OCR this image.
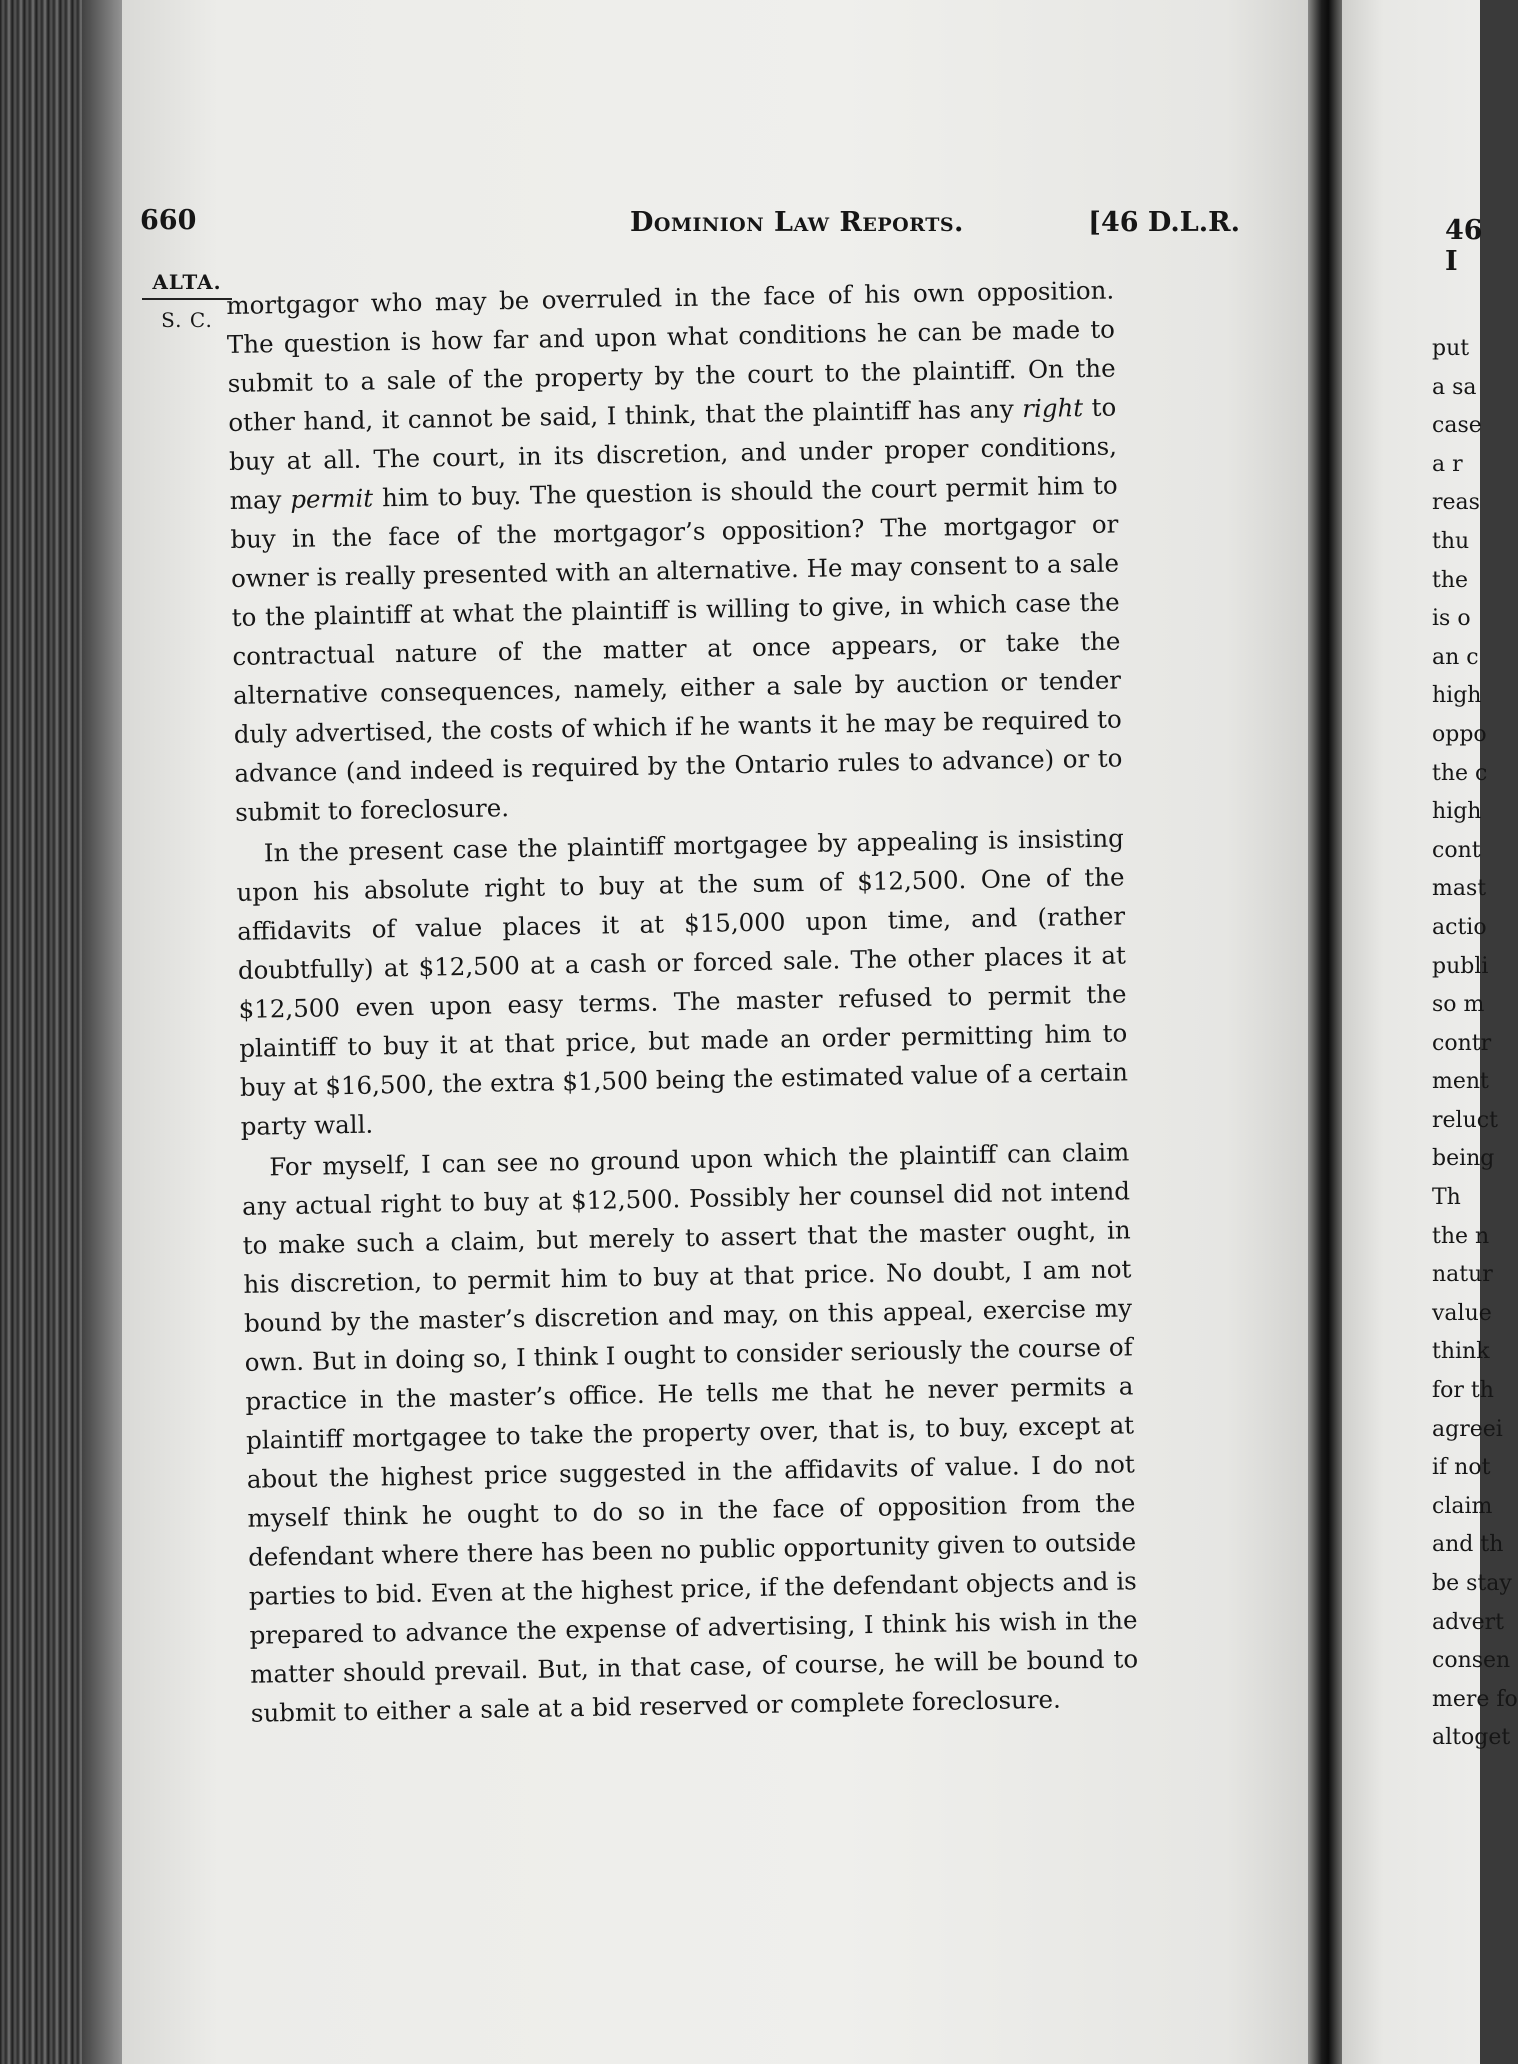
660	Dominion Law Reports.	[46 D.L.R.
ALTA.
S. C.

mortgagor who may be overruled in the face of his own opposition. The question is how far and upon what conditions he can be made to submit to a sale of the property by the court to the plaintiff. On the other hand, it cannot be said, I think, that the plaintiff has any right to buy at all. The court, in its discretion, and under proper conditions, may permit him to buy. The question is should the court permit him to buy in the face of the mortgagor’s opposition? The mortgagor or owner is really presented with an alternative. He may consent to a sale to the plaintiff at what the plaintiff is willing to give, in which case the contractual nature of the matter at once appears, or take the alternative consequences, namely, either a sale by auction or tender duly advertised, the costs of which if he wants it he may be required to advance (and indeed is required by the Ontario rules to advance) or to submit to foreclosure.

In the present case the plaintiff mortgagee by appealing is insisting upon his absolute right to buy at the sum of $12,500. One of the affidavits of value places it at $15,000 upon time, and (rather doubtfully) at $12,500 at a cash or forced sale. The other places it at $12,500 even upon easy terms. The master refused to permit the plaintiff to buy it at that price, but made an order permitting him to buy at $16,500, the extra $1,500 being the estimated value of a certain party wall.

For myself, I can see no ground upon which the plaintiff can claim any actual right to buy at $12,500. Possibly her counsel did not intend to make such a claim, but merely to assert that the master ought, in his discretion, to permit him to buy at that price. No doubt, I am not bound by the master’s discretion and may, on this appeal, exercise my own. But in doing so, I think I ought to consider seriously the course of practice in the master’s office. He tells me that he never permits a plaintiff mortgagee to take the property over, that is, to buy, except at about the highest price suggested in the affidavits of value. I do not myself think he ought to do so in the face of opposition from the defendant where there has been no public opportunity given to outside parties to bid. Even at the highest price, if the defendant objects and is prepared to advance the expense of advertising, I think his wish in the matter should prevail. But, in that case, of course, he will be bound to submit to either a sale at a bid reserved or complete foreclosure.

46 I
put
a sa
case
a r
reas
thu
the
is o
an c
high
oppo
the c
high
cont
mast
actio
publi
so m
contr
ment
reluct
being
Th
the n
natur
value
think
for th
agreei
if not
claim
and th
be stay
advert
consen
mere fo
altoget
